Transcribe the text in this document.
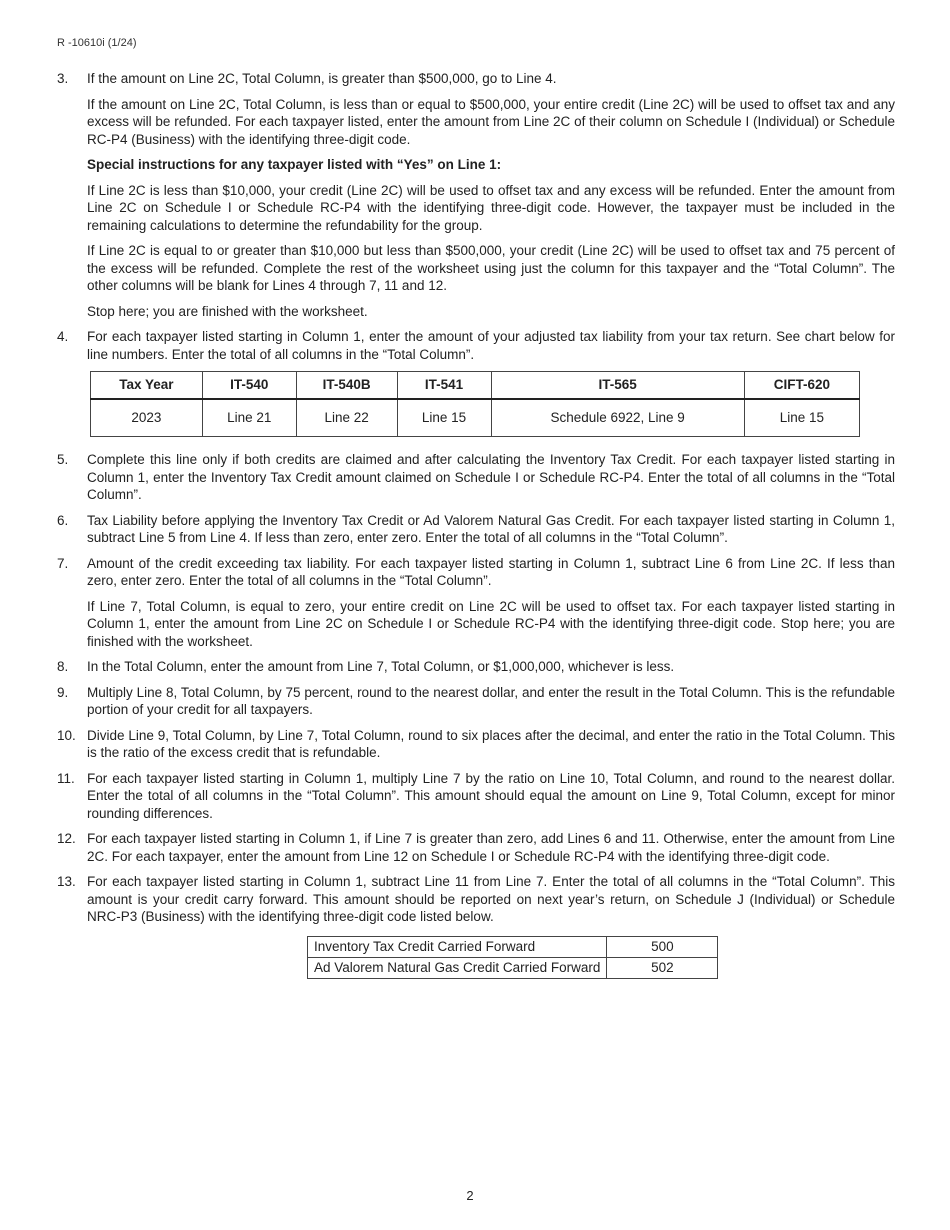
R -10610i (1/24)
3.	If the amount on Line 2C, Total Column, is greater than $500,000, go to Line 4.

If the amount on Line 2C, Total Column, is less than or equal to $500,000, your entire credit (Line 2C) will be used to offset tax and any excess will be refunded. For each taxpayer listed, enter the amount from Line 2C of their column on Schedule I (Individual) or Schedule RC-P4 (Business) with the identifying three-digit code.

Special instructions for any taxpayer listed with “Yes” on Line 1:

If Line 2C is less than $10,000, your credit (Line 2C) will be used to offset tax and any excess will be refunded. Enter the amount from Line 2C on Schedule I or Schedule RC-P4 with the identifying three-digit code. However, the taxpayer must be included in the remaining calculations to determine the refundability for the group.

If Line 2C is equal to or greater than $10,000 but less than $500,000, your credit (Line 2C) will be used to offset tax and 75 percent of the excess will be refunded. Complete the rest of the worksheet using just the column for this taxpayer and the “Total Column”. The other columns will be blank for Lines 4 through 7, 11 and 12.

Stop here; you are finished with the worksheet.

4.	For each taxpayer listed starting in Column 1, enter the amount of your adjusted tax liability from your tax return. See chart below for line numbers. Enter the total of all columns in the “Total Column”.

Tax Year	IT-540	IT-540B	IT-541	IT-565	CIFT-620
2023	Line 21	Line 22	Line 15	Schedule 6922, Line 9	Line 15
5.	Complete this line only if both credits are claimed and after calculating the Inventory Tax Credit. For each taxpayer listed starting in Column 1, enter the Inventory Tax Credit amount claimed on Schedule I or Schedule RC-P4. Enter the total of all columns in the “Total Column”.

6.	Tax Liability before applying the Inventory Tax Credit or Ad Valorem Natural Gas Credit. For each taxpayer listed starting in Column 1, subtract Line 5 from Line 4. If less than zero, enter zero. Enter the total of all columns in the “Total Column”.

7.	Amount of the credit exceeding tax liability. For each taxpayer listed starting in Column 1, subtract Line 6 from Line 2C. If less than zero, enter zero. Enter the total of all columns in the “Total Column”.

If Line 7, Total Column, is equal to zero, your entire credit on Line 2C will be used to offset tax. For each taxpayer listed starting in Column 1, enter the amount from Line 2C on Schedule I or Schedule RC-P4 with the identifying three-digit code. Stop here; you are finished with the worksheet.

8.	In the Total Column, enter the amount from Line 7, Total Column, or $1,000,000, whichever is less.

9.	Multiply Line 8, Total Column, by 75 percent, round to the nearest dollar, and enter the result in the Total Column. This is the refundable portion of your credit for all taxpayers.

10. Divide Line 9, Total Column, by Line 7, Total Column, round to six places after the decimal, and enter the ratio in the Total Column. This is the ratio of the excess credit that is refundable.

11. For each taxpayer listed starting in Column 1, multiply Line 7 by the ratio on Line 10, Total Column, and round to the nearest dollar. Enter the total of all columns in the “Total Column”. This amount should equal the amount on Line 9, Total Column, except for minor rounding differences.

12. For each taxpayer listed starting in Column 1, if Line 7 is greater than zero, add Lines 6 and 11. Otherwise, enter the amount from Line 2C. For each taxpayer, enter the amount from Line 12 on Schedule I or Schedule RC-P4 with the identifying three-digit code.

13. For each taxpayer listed starting in Column 1, subtract Line 11 from Line 7. Enter the total of all columns in the “Total Column”. This amount is your credit carry forward. This amount should be reported on next year’s return, on Schedule J (Individual) or Schedule NRC-P3 (Business) with the identifying three-digit code listed below.

Inventory Tax Credit Carried Forward	500
Ad Valorem Natural Gas Credit Carried Forward	502
2
